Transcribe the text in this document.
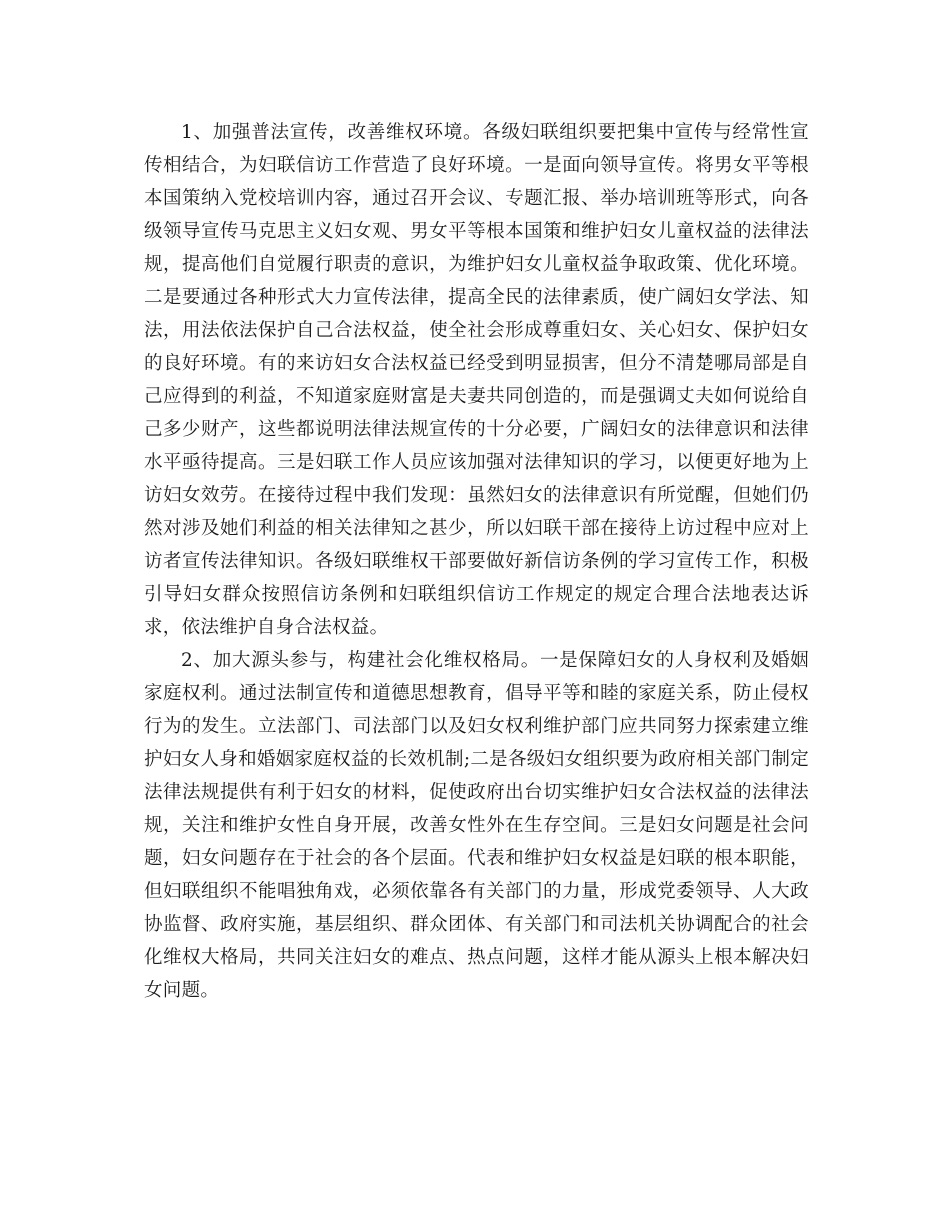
1、加强普法宣传，改善维权环境。各级妇联组织要把集中宣传与经常性宣传相结合，为妇联信访工作营造了良好环境。一是面向领导宣传。将男女平等根本国策纳入党校培训内容，通过召开会议、专题汇报、举办培训班等形式，向各级领导宣传马克思主义妇女观、男女平等根本国策和维护妇女儿童权益的法律法规，提高他们自觉履行职责的意识，为维护妇女儿童权益争取政策、优化环境。二是要通过各种形式大力宣传法律，提高全民的法律素质，使广阔妇女学法、知法，用法依法保护自己合法权益，使全社会形成尊重妇女、关心妇女、保护妇女的良好环境。有的来访妇女合法权益已经受到明显损害，但分不清楚哪局部是自己应得到的利益，不知道家庭财富是夫妻共同创造的，而是强调丈夫如何说给自己多少财产，这些都说明法律法规宣传的十分必要，广阔妇女的法律意识和法律水平亟待提高。三是妇联工作人员应该加强对法律知识的学习，以便更好地为上访妇女效劳。在接待过程中我们发现：虽然妇女的法律意识有所觉醒，但她们仍然对涉及她们利益的相关法律知之甚少，所以妇联干部在接待上访过程中应对上访者宣传法律知识。各级妇联维权干部要做好新信访条例的学习宣传工作，积极引导妇女群众按照信访条例和妇联组织信访工作规定的规定合理合法地表达诉求，依法维护自身合法权益。

2、加大源头参与，构建社会化维权格局。一是保障妇女的人身权利及婚姻家庭权利。通过法制宣传和道德思想教育，倡导平等和睦的家庭关系，防止侵权行为的发生。立法部门、司法部门以及妇女权利维护部门应共同努力探索建立维护妇女人身和婚姻家庭权益的长效机制;二是各级妇女组织要为政府相关部门制定法律法规提供有利于妇女的材料，促使政府出台切实维护妇女合法权益的法律法规，关注和维护女性自身开展，改善女性外在生存空间。三是妇女问题是社会问题，妇女问题存在于社会的各个层面。代表和维护妇女权益是妇联的根本职能，但妇联组织不能唱独角戏，必须依靠各有关部门的力量，形成党委领导、人大政协监督、政府实施，基层组织、群众团体、有关部门和司法机关协调配合的社会化维权大格局，共同关注妇女的难点、热点问题，这样才能从源头上根本解决妇女问题。
